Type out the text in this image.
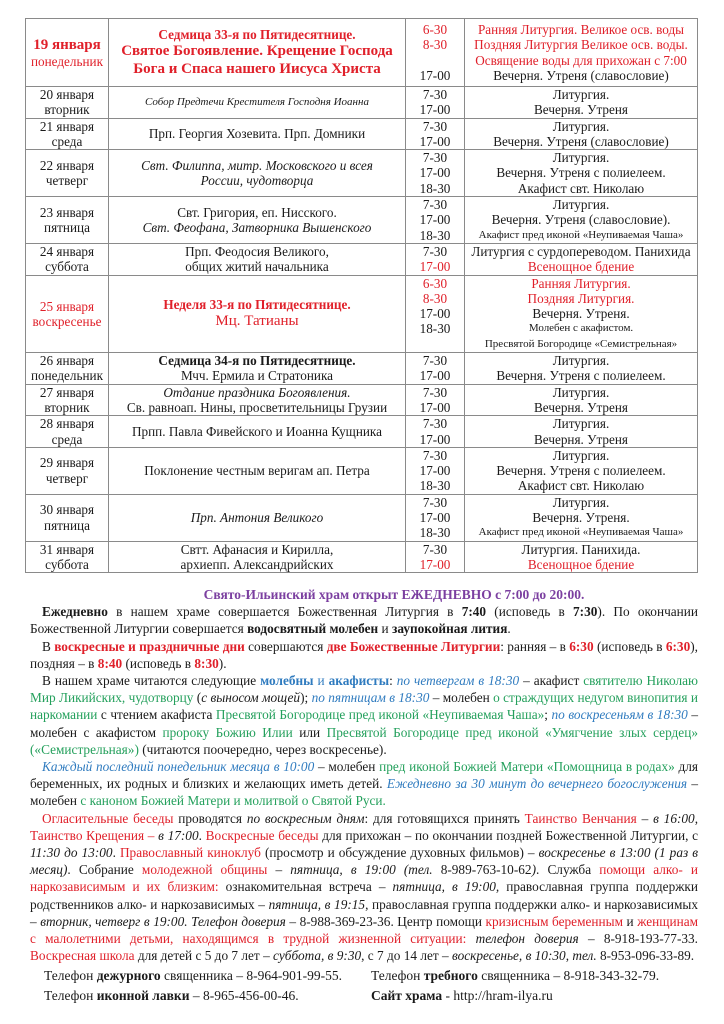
19 января
понедельник	Седмица 33-я по Пятидесятнице.
Святое Богоявление. Крещение Господа
Бога и Спаса нашего Иисуса Христа	6-30
8-30

17-00	Ранняя Литургия. Великое осв. воды
Поздняя Литургия Великое осв. воды.
Освящение воды для прихожан с 7:00
Вечерня. Утреня (славословие)

20 января
вторник	Собор Предтечи Крестителя Господня Иоанна	7-30
17-00	Литургия.
Вечерня. Утреня

21 января
среда	Прп. Георгия Хозевита. Прп. Домники	7-30
17-00	Литургия.
Вечерня. Утреня (славословие)

22 января
четверг	Свт. Филиппа, митр. Московского и всея
России, чудотворца	7-30
17-00
18-30	Литургия.
Вечерня. Утреня с полиелеем.
Акафист свт. Николаю

23 января
пятница	Свт. Григория, еп. Нисского.
Свт. Феофана, Затворника Вышенского	7-30
17-00
18-30	Литургия.
Вечерня. Утреня (славословие).
Акафист пред иконой «Неупиваемая Чаша»

24 января
суббота	Прп. Феодосия Великого,
общих житий начальника	7-30
17-00	Литургия с сурдопереводом. Панихида
Всенощное бдение

25 января
воскресенье	Неделя 33-я по Пятидесятнице.
Мц. Татианы	6-30
8-30
17-00
18-30	Ранняя Литургия.
Поздняя Литургия.
Вечерня. Утреня.
Молебен с акафистом.
Пресвятой Богородице «Семистрельная»

26 января
понедельник	Седмица 34-я по Пятидесятнице.
Мчч. Ермила и Стратоника	7-30
17-00	Литургия.
Вечерня. Утреня с полиелеем.

27 января
вторник	Отдание праздника Богоявления.
Св. равноап. Нины, просветительницы Грузии	7-30
17-00	Литургия.
Вечерня. Утреня

28 января
среда	Прпп. Павла Фивейского и Иоанна Кущника	7-30
17-00	Литургия.
Вечерня. Утреня

29 января
четверг	Поклонение честным веригам ап. Петра	7-30
17-00
18-30	Литургия.
Вечерня. Утреня с полиелеем.
Акафист свт. Николаю

30 января
пятница	Прп. Антония Великого	7-30
17-00
18-30	Литургия.
Вечерня. Утреня.
Акафист пред иконой «Неупиваемая Чаша»

31 января
суббота	Свтт. Афанасия и Кирилла,
архиепп. Александрийских	7-30
17-00	Литургия. Панихида.
Всенощное бдение

Свято-Ильинский храм открыт ЕЖЕДНЕВНО с 7:00 до 20:00.

Ежедневно в нашем храме совершается Божественная Литургия в 7:40 (исповедь в 7:30). По окончании Божественной Литургии совершается водосвятный молебен и заупокойная лития.

В воскресные и праздничные дни совершаются две Божественные Литургии: ранняя – в 6:30 (исповедь в 6:30), поздняя – в 8:40 (исповедь в 8:30).

В нашем храме читаются следующие молебны и акафисты: по четвергам в 18:30 – акафист святителю Николаю Мир Ликийских, чудотворцу (с выносом мощей); по пятницам в 18:30 – молебен о страждущих недугом винопития и наркомании с чтением акафиста Пресвятой Богородице пред иконой «Неупиваемая Чаша»; по воскресеньям в 18:30 – молебен с акафистом пророку Божию Илии или Пресвятой Богородице пред иконой «Умягчение злых сердец» («Семистрельная») (читаются поочередно, через воскресенье).

Каждый последний понедельник месяца в 10:00 – молебен пред иконой Божией Матери «Помощница в родах» для беременных, их родных и близких и желающих иметь детей. Ежедневно за 30 минут до вечернего богослужения – молебен с каноном Божией Матери и молитвой о Святой Руси.

Огласительные беседы проводятся по воскресным дням: для готовящихся принять Таинство Венчания – в 16:00, Таинство Крещения – в 17:00. Воскресные беседы для прихожан – по окончании поздней Божественной Литургии, с 11:30 до 13:00. Православный киноклуб (просмотр и обсуждение духовных фильмов) – воскресенье в 13:00 (1 раз в месяц). Собрание молодежной общины – пятница, в 19:00 (тел. 8-989-763-10-62). Служба помощи алко- и наркозависимым и их близким: ознакомительная встреча – пятница, в 19:00, православная группа поддержки родственников алко- и наркозависимых – пятница, в 19:15, православная группа поддержки алко- и наркозависимых – вторник, четверг в 19:00. Телефон доверия – 8-988-369-23-36. Центр помощи кризисным беременным и женщинам с малолетними детьми, находящимся в трудной жизненной ситуации: телефон доверия – 8-918-193-77-33. Воскресная школа для детей с 5 до 7 лет – суббота, в 9:30, с 7 до 14 лет – воскресенье, в 10:30, тел. 8-953-096-33-89.

Телефон дежурного священника – 8-964-901-99-55.	Телефон требного священника – 8-918-343-32-79.
Телефон иконной лавки – 8-965-456-00-46.	Сайт храма - http://hram-ilya.ru
